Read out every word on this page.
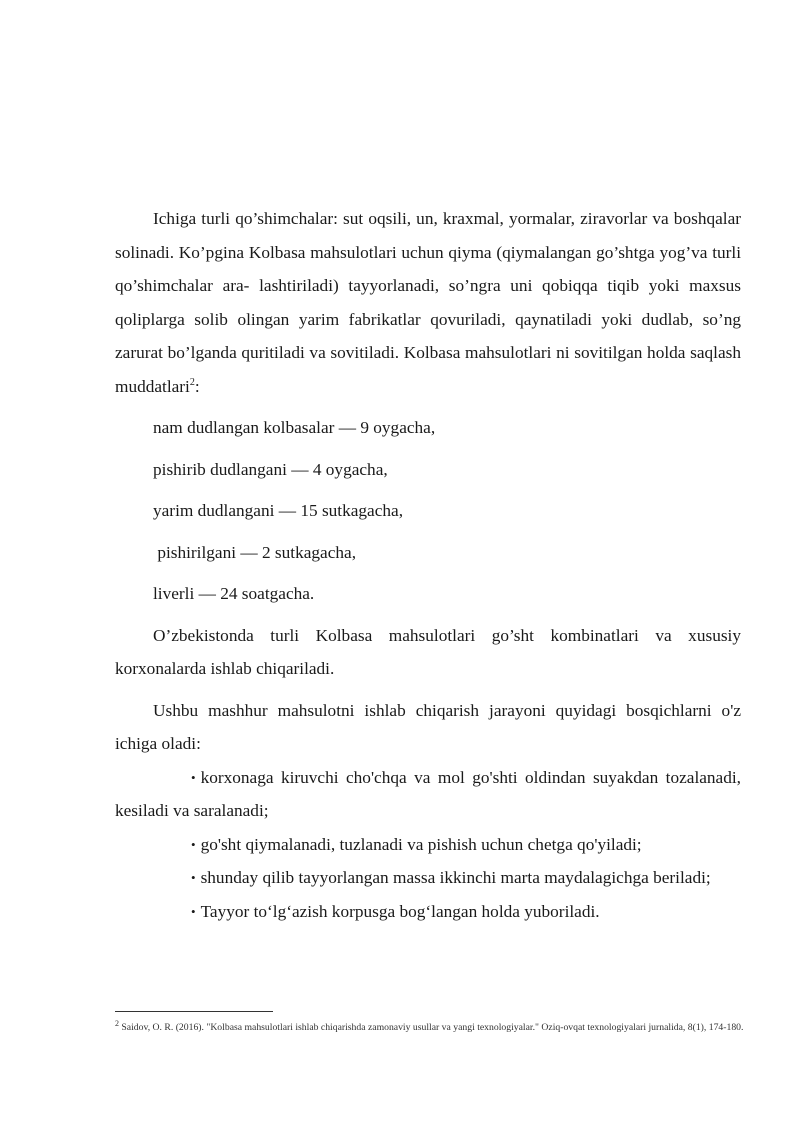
Ichiga turli qo’shimchalar: sut oqsili, un, kraxmal, yormalar, ziravorlar va boshqalar solinadi. Ko’pgina Kolbasa mahsulotlari uchun qiyma (qiymalangan go’shtga yog’va turli qo’shimchalar ara- lashtiriladi) tayyorlanadi, so’ngra uni qobiqqa tiqib yoki maxsus qoliplarga solib olingan yarim fabrikatlar qovuriladi, qaynatiladi yoki dudlab, so’ng zarurat bo’lganda quritiladi va sovitiladi. Kolbasa mahsulotlari ni sovitilgan holda saqlash muddatlari$^2$:

nam dudlangan kolbasalar — 9 oygacha,

pishirib dudlangani — 4 oygacha,

yarim dudlangani — 15 sutkagacha,

pishirilgani — 2 sutkagacha,

liverli — 24 soatgacha.

O’zbekistonda turli Kolbasa mahsulotlari go’sht kombinatlari va xususiy korxonalarda ishlab chiqariladi.

Ushbu mashhur mahsulotni ishlab chiqarish jarayoni quyidagi bosqichlarni o'z ichiga oladi:

• korxonaga kiruvchi cho'chqa va mol go'shti oldindan suyakdan tozalanadi, kesiladi va saralanadi;

• go'sht qiymalanadi, tuzlanadi va pishish uchun chetga qo'yiladi;

• shunday qilib tayyorlangan massa ikkinchi marta maydalagichga beriladi;

• Tayyor to‘lg‘azish korpusga bog‘langan holda yuboriladi.

$^2$ Saidov, O. R. (2016). "Kolbasa mahsulotlari ishlab chiqarishda zamonaviy usullar va yangi texnologiyalar." Oziq-ovqat texnologiyalari jurnalida, 8(1), 174-180.
